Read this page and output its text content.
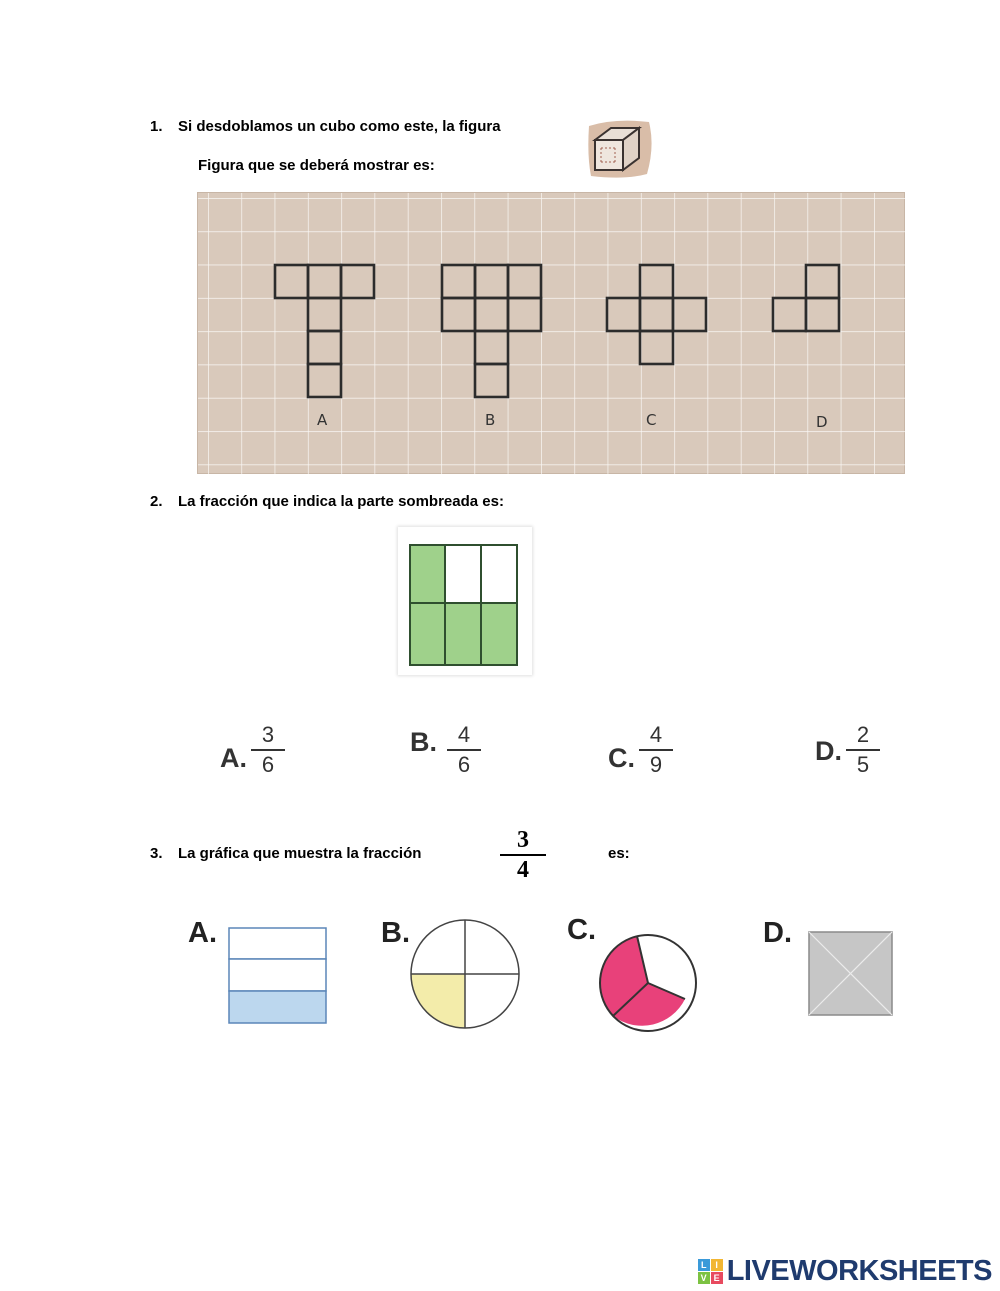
1. Si desdoblamos un cubo como este, la figura
Figura que se deberá mostrar es:
A	B	C	D
2. La fracción que indica la parte sombreada es:
A. $\frac{3}{6}$	B. $\frac{4}{6}$	C. $\frac{4}{9}$	D. $\frac{2}{5}$
3. La gráfica que muestra la fracción
3
4
es:
A.	B.	C.	D.
L I
V E LIVEWORKSHEETS
